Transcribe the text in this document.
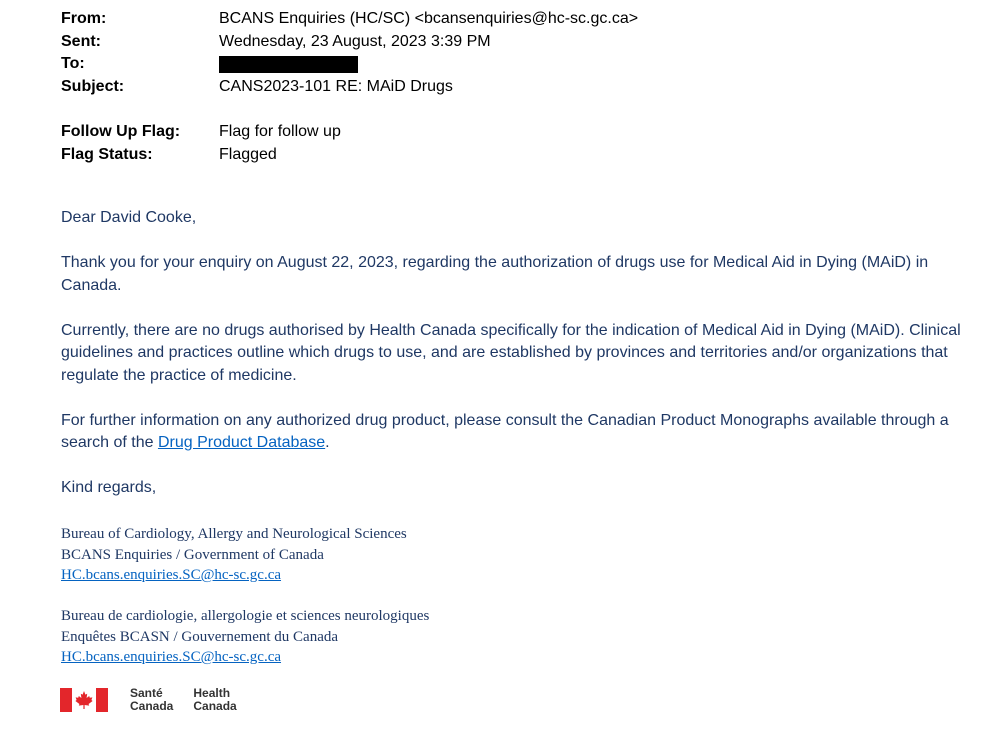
From:	BCANS Enquiries (HC/SC) <bcansenquiries@hc-sc.gc.ca>
Sent:	Wednesday, 23 August, 2023 3:39 PM
To:
Subject:	CANS2023-101 RE: MAiD Drugs
Follow Up Flag:	Flag for follow up
Flag Status:	Flagged

Dear David Cooke,

Thank you for your enquiry on August 22, 2023, regarding the authorization of drugs use for Medical Aid in Dying (MAiD) in Canada.

Currently, there are no drugs authorised by Health Canada specifically for the indication of Medical Aid in Dying (MAiD). Clinical guidelines and practices outline which drugs to use, and are established by provinces and territories and/or organizations that regulate the practice of medicine.

For further information on any authorized drug product, please consult the Canadian Product Monographs available through a search of the Drug Product Database.

Kind regards,

Bureau of Cardiology, Allergy and Neurological Sciences
BCANS Enquiries / Government of Canada
HC.bcans.enquiries.SC@hc-sc.gc.ca
Bureau de cardiologie, allergologie et sciences neurologiques
Enquêtes BCASN / Gouvernement du Canada
HC.bcans.enquiries.SC@hc-sc.gc.ca
Santé
Canada
Health
Canada
